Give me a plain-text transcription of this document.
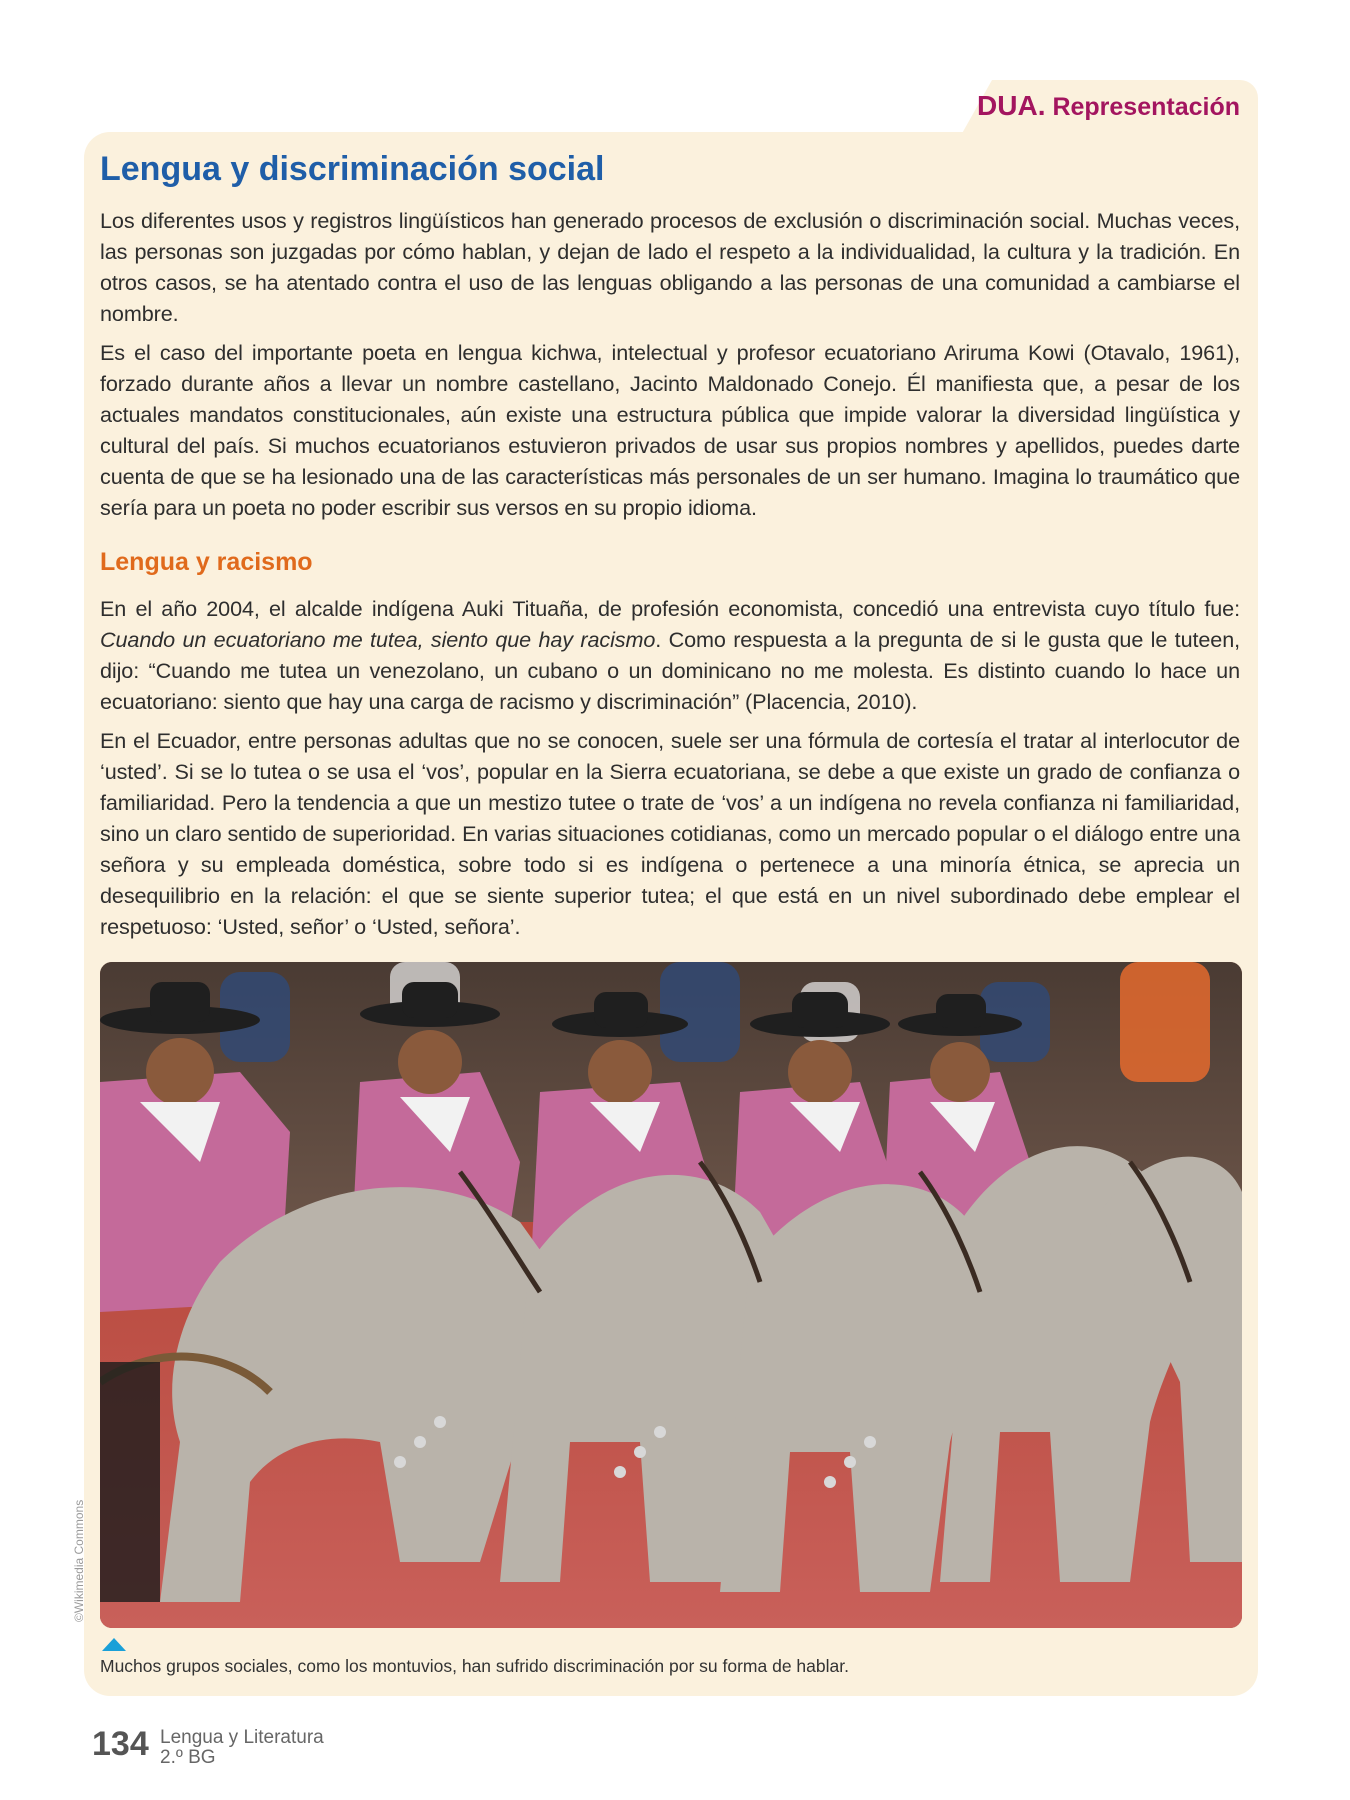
DUA. Representación
Lengua y discriminación social

Los diferentes usos y registros lingüísticos han generado procesos de exclusión o discriminación social. Muchas veces, las personas son juzgadas por cómo hablan, y dejan de lado el respeto a la individualidad, la cultura y la tradición. En otros casos, se ha atentado contra el uso de las lenguas obligando a las personas de una comunidad a cambiarse el nombre.

Es el caso del importante poeta en lengua kichwa, intelectual y profesor ecuatoriano Ariruma Kowi (Otavalo, 1961), forzado durante años a llevar un nombre castellano, Jacinto Maldonado Conejo. Él manifiesta que, a pesar de los actuales mandatos constitucionales, aún existe una estructura pública que impide valorar la diversidad lingüística y cultural del país. Si muchos ecuatorianos estuvieron privados de usar sus propios nombres y apellidos, puedes darte cuenta de que se ha lesionado una de las características más personales de un ser humano. Imagina lo traumático que sería para un poeta no poder escribir sus versos en su propio idioma.

Lengua y racismo

En el año 2004, el alcalde indígena Auki Tituaña, de profesión economista, concedió una entrevista cuyo título fue: Cuando un ecuatoriano me tutea, siento que hay racismo. Como respuesta a la pregunta de si le gusta que le tuteen, dijo: “Cuando me tutea un venezolano, un cubano o un dominicano no me molesta. Es distinto cuando lo hace un ecuatoriano: siento que hay una carga de racismo y discriminación” (Placencia, 2010).

En el Ecuador, entre personas adultas que no se conocen, suele ser una fórmula de cortesía el tratar al interlocutor de ‘usted’. Si se lo tutea o se usa el ‘vos’, popular en la Sierra ecuatoriana, se debe a que existe un grado de confianza o familiaridad. Pero la tendencia a que un mestizo tutee o trate de ‘vos’ a un indígena no revela confianza ni familiaridad, sino un claro sentido de superioridad. En varias situaciones cotidianas, como un mercado popular o el diálogo entre una señora y su empleada doméstica, sobre todo si es indígena o pertenece a una minoría étnica, se aprecia un desequilibrio en la relación: el que se siente superior tutea; el que está en un nivel subordinado debe emplear el respetuoso: ‘Usted, señor’ o ‘Usted, señora’.

©Wikimedia Commons

Muchos grupos sociales, como los montuvios, han sufrido discriminación por su forma de hablar.

134 Lengua y Literatura
2.º BG
